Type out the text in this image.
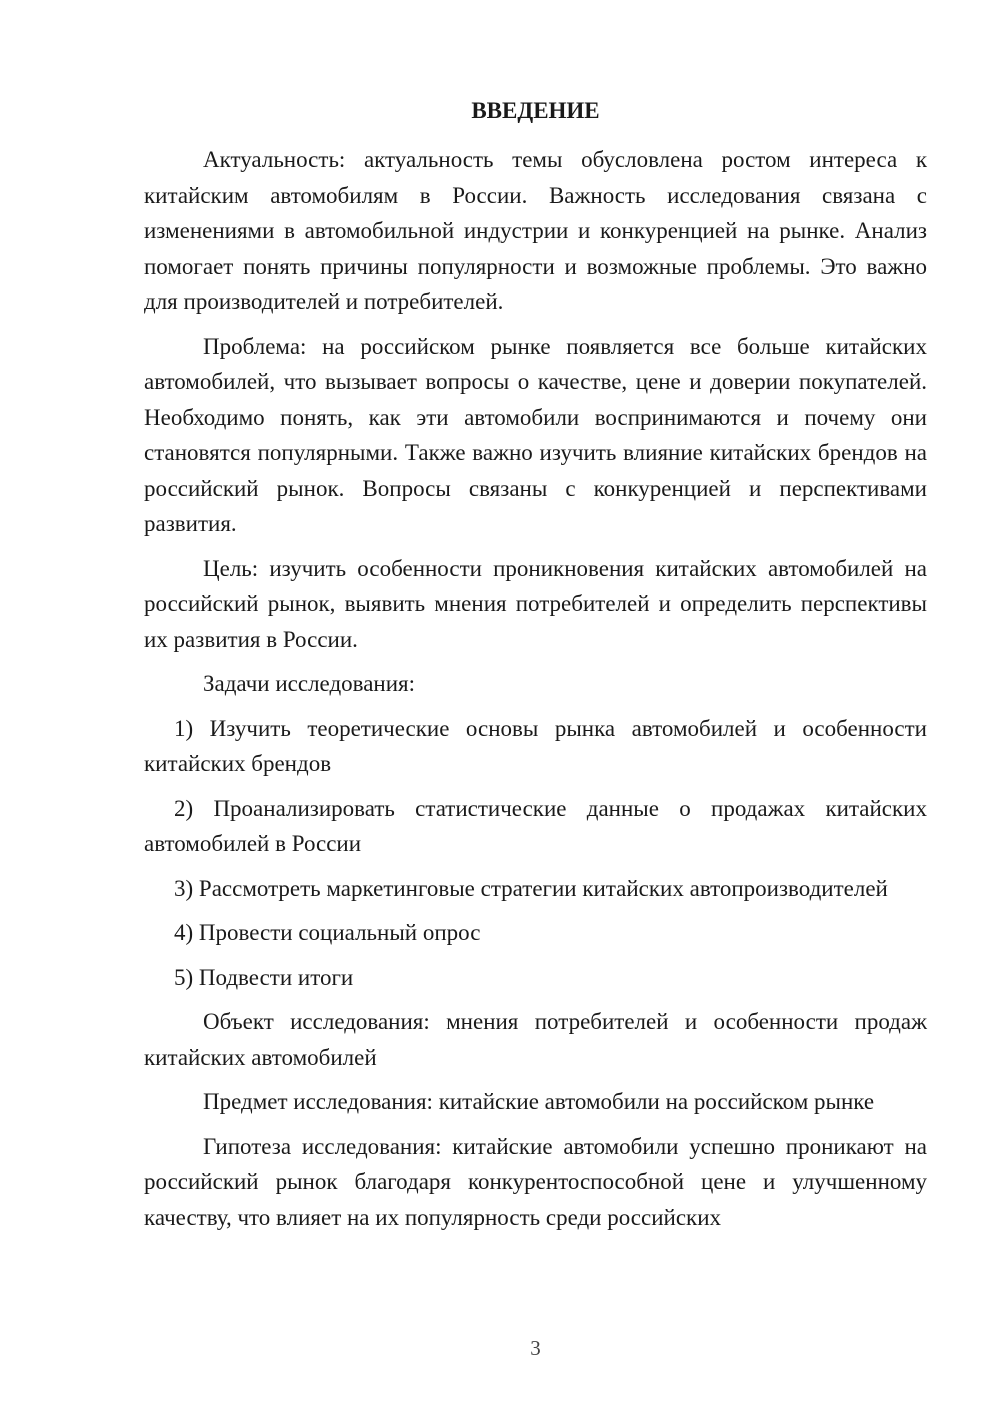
ВВЕДЕНИЕ

Актуальность: актуальность темы обусловлена ростом интереса к китайским автомобилям в России. Важность исследования связана с изменениями в автомобильной индустрии и конкуренцией на рынке. Анализ помогает понять причины популярности и возможные проблемы. Это важно для производителей и потребителей.

Проблема: на российском рынке появляется все больше китайских автомобилей, что вызывает вопросы о качестве, цене и доверии покупателей. Необходимо понять, как эти автомобили воспринимаются и почему они становятся популярными. Также важно изучить влияние китайских брендов на российский рынок. Вопросы связаны с конкуренцией и перспективами развития.

Цель: изучить особенности проникновения китайских автомобилей на российский рынок, выявить мнения потребителей и определить перспективы их развития в России.

Задачи исследования:

1) Изучить теоретические основы рынка автомобилей и особенности китайских брендов

2) Проанализировать статистические данные о продажах китайских автомобилей в России

3) Рассмотреть маркетинговые стратегии китайских автопроизводителей

4) Провести социальный опрос

5) Подвести итоги

Объект исследования: мнения потребителей и особенности продаж китайских автомобилей

Предмет исследования: китайские автомобили на российском рынке

Гипотеза исследования: китайские автомобили успешно проникают на российский рынок благодаря конкурентоспособной цене и улучшенному качеству, что влияет на их популярность среди российских

3
